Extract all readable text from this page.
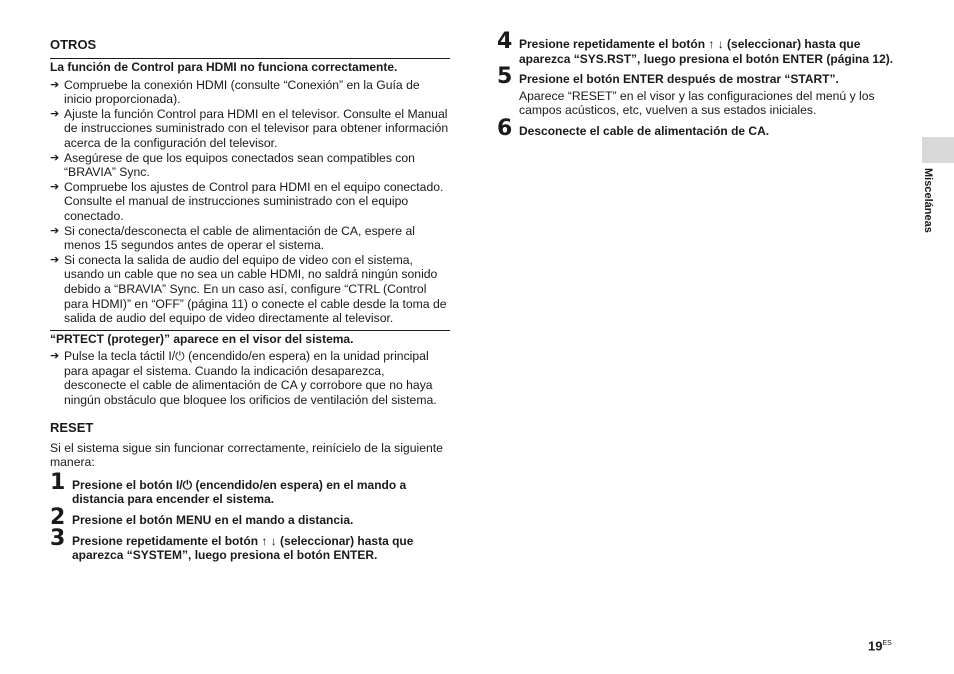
OTROS
La función de Control para HDMI no funciona correctamente.
➔ Compruebe la conexión HDMI (consulte “Conexión” en la Guía de inicio proporcionada).
➔ Ajuste la función Control para HDMI en el televisor. Consulte el Manual de instrucciones suministrado con el televisor para obtener información acerca de la configuración del televisor.
➔ Asegúrese de que los equipos conectados sean compatibles con “BRAVIA” Sync.
➔ Compruebe los ajustes de Control para HDMI en el equipo conectado. Consulte el manual de instrucciones suministrado con el equipo conectado.
➔ Si conecta/desconecta el cable de alimentación de CA, espere al menos 15 segundos antes de operar el sistema.
➔ Si conecta la salida de audio del equipo de video con el sistema, usando un cable que no sea un cable HDMI, no saldrá ningún sonido debido a “BRAVIA” Sync. En un caso así, configure “CTRL (Control para HDMI)” en “OFF” (página 11) o conecte el cable desde la toma de salida de audio del equipo de video directamente al televisor.
“PRTECT (proteger)” aparece en el visor del sistema.
➔ Pulse la tecla táctil I/⏻ (encendido/en espera) en la unidad principal para apagar el sistema. Cuando la indicación desaparezca, desconecte el cable de alimentación de CA y corrobore que no haya ningún obstáculo que bloquee los orificios de ventilación del sistema.
RESET

Si el sistema sigue sin funcionar correctamente, reinícielo de la siguiente manera:

1 Presione el botón I/⏻ (encendido/en espera) en el mando a distancia para encender el sistema.
2 Presione el botón MENU en el mando a distancia.
3 Presione repetidamente el botón ↑ ↓ (seleccionar) hasta que aparezca “SYSTEM”, luego presiona el botón ENTER.
4 Presione repetidamente el botón ↑ ↓ (seleccionar) hasta que aparezca “SYS.RST”, luego presiona el botón ENTER (página 12).
5 Presione el botón ENTER después de mostrar “START”.
Aparece “RESET” en el visor y las configuraciones del menú y los campos acústicos, etc, vuelven a sus estados iniciales.
6 Desconecte el cable de alimentación de CA.
Misceláneas
$19^{ES}$
